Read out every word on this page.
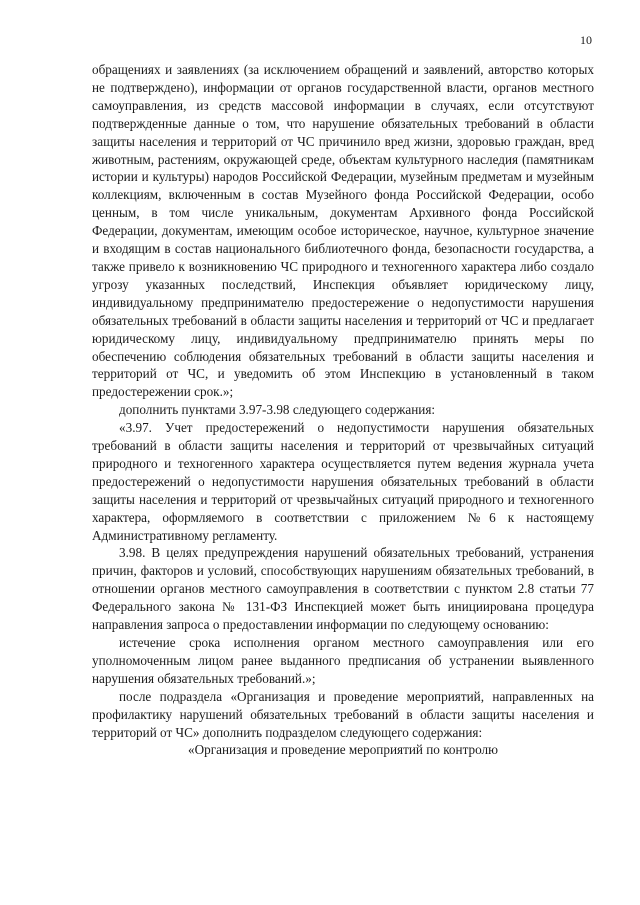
10

обращениях и заявлениях (за исключением обращений и заявлений, авторство которых не подтверждено), информации от органов государственной власти, органов местного самоуправления, из средств массовой информации в случаях, если отсутствуют подтвержденные данные о том, что нарушение обязательных требований в области защиты населения и территорий от ЧС причинило вред жизни, здоровью граждан, вред животным, растениям, окружающей среде, объектам культурного наследия (памятникам истории и культуры) народов Российской Федерации, музейным предметам и музейным коллекциям, включенным в состав Музейного фонда Российской Федерации, особо ценным, в том числе уникальным, документам Архивного фонда Российской Федерации, документам, имеющим особое историческое, научное, культурное значение и входящим в состав национального библиотечного фонда, безопасности государства, а также привело к возникновению ЧС природного и техногенного характера либо создало угрозу указанных последствий, Инспекция объявляет юридическому лицу, индивидуальному предпринимателю предостережение о недопустимости нарушения обязательных требований в области защиты населения и территорий от ЧС и предлагает юридическому лицу, индивидуальному предпринимателю принять меры по обеспечению соблюдения обязательных требований в области защиты населения и территорий от ЧС, и уведомить об этом Инспекцию в установленный в таком предостережении срок.»;

дополнить пунктами 3.97-3.98 следующего содержания:

«3.97. Учет предостережений о недопустимости нарушения обязательных требований в области защиты населения и территорий от чрезвычайных ситуаций природного и техногенного характера осуществляется путем ведения журнала учета предостережений о недопустимости нарушения обязательных требований в области защиты населения и территорий от чрезвычайных ситуаций природного и техногенного характера, оформляемого в соответствии с приложением №6 к настоящему Административному регламенту.

3.98. В целях предупреждения нарушений обязательных требований, устранения причин, факторов и условий, способствующих нарушениям обязательных требований, в отношении органов местного самоуправления в соответствии с пунктом 2.8 статьи 77 Федерального закона № 131-ФЗ Инспекцией может быть инициирована процедура направления запроса о предоставлении информации по следующему основанию:

истечение срока исполнения органом местного самоуправления или его уполномоченным лицом ранее выданного предписания об устранении выявленного нарушения обязательных требований.»;

после подраздела «Организация и проведение мероприятий, направленных на профилактику нарушений обязательных требований в области защиты населения и территорий от ЧС» дополнить подразделом следующего содержания:

«Организация и проведение мероприятий по контролю
